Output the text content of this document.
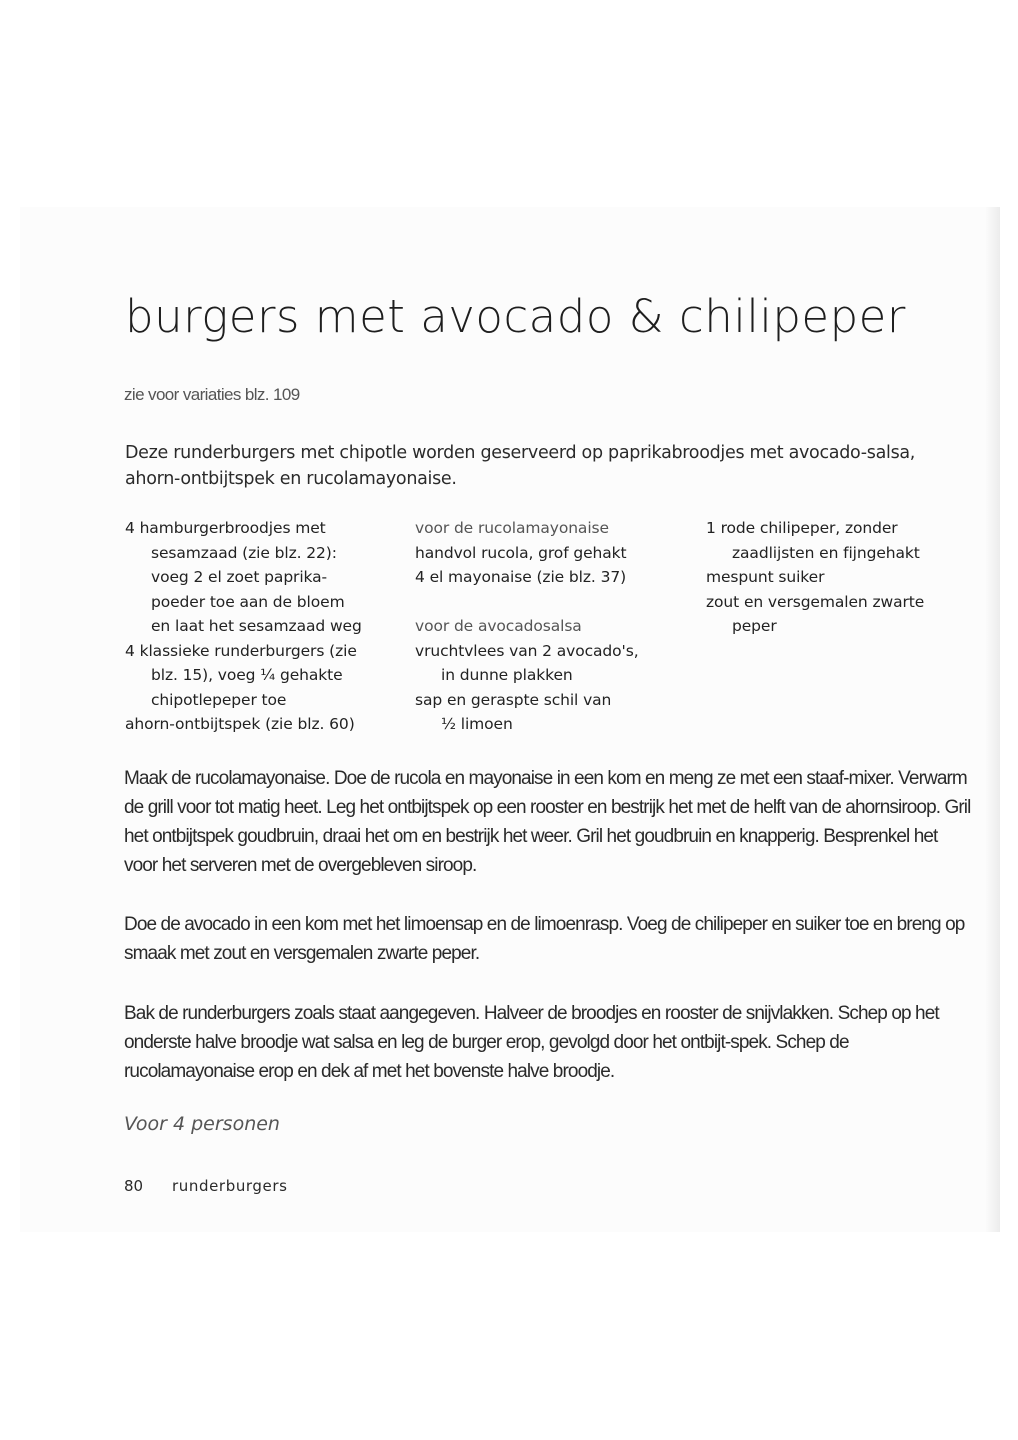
burgers met avocado & chilipeper
zie voor variaties blz. 109

Deze runderburgers met chipotle worden geserveerd op paprikabroodjes met avocado-salsa, ahorn-ontbijtspek en rucolamayonaise.

4 hamburgerbroodjes met
sesamzaad (zie blz. 22):
voeg 2 el zoet paprika-
poeder toe aan de bloem
en laat het sesamzaad weg
4 klassieke runderburgers (zie
blz. 15), voeg ¼ gehakte
chipotlepeper toe
ahorn-ontbijtspek (zie blz. 60)
voor de rucolamayonaise
handvol rucola, grof gehakt
4 el mayonaise (zie blz. 37)
voor de avocadosalsa
vruchtvlees van 2 avocado's,
in dunne plakken
sap en geraspte schil van
½ limoen
1 rode chilipeper, zonder
zaadlijsten en fijngehakt
mespunt suiker
zout en versgemalen zwarte
peper

Maak de rucolamayonaise. Doe de rucola en mayonaise in een kom en meng ze met een staaf-mixer. Verwarm de grill voor tot matig heet. Leg het ontbijtspek op een rooster en bestrijk het met de helft van de ahornsiroop. Gril het ontbijtspek goudbruin, draai het om en bestrijk het weer. Gril het goudbruin en knapperig. Besprenkel het voor het serveren met de overgebleven siroop.

Doe de avocado in een kom met het limoensap en de limoenrasp. Voeg de chilipeper en suiker toe en breng op smaak met zout en versgemalen zwarte peper.

Bak de runderburgers zoals staat aangegeven. Halveer de broodjes en rooster de snijvlakken. Schep op het onderste halve broodje wat salsa en leg de burger erop, gevolgd door het ontbijt-spek. Schep de rucolamayonaise erop en dek af met het bovenste halve broodje.

Voor 4 personen
80 runderburgers
